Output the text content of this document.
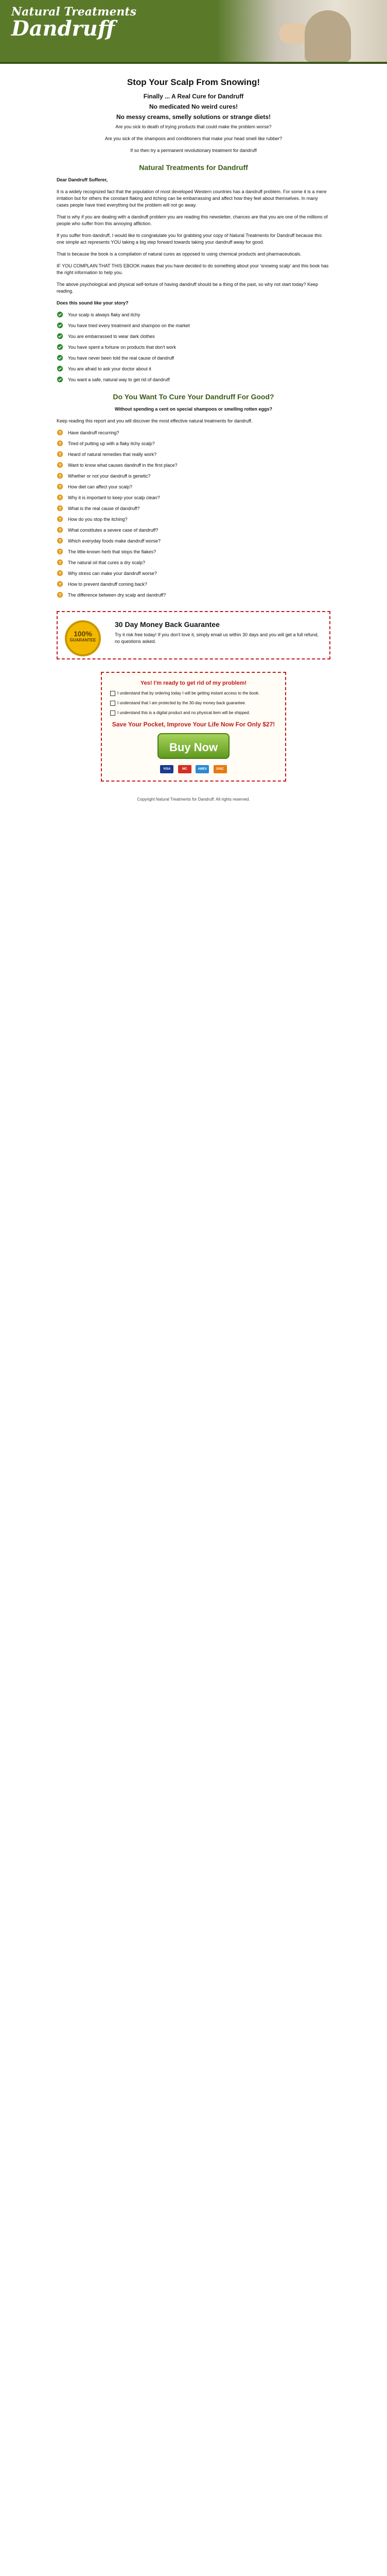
Natural Treatments
Dandruff
Stop Your Scalp From Snowing!
Finally ... A Real Cure for Dandruff
No medicated No weird cures!
No messy creams, smelly solutions or strange diets!

Are you sick to death of trying products that could make the problem worse?

Are you sick of the shampoos and conditioners that make your head smell like rubber?

If so then try a permanent revolutionary treatment for dandruff

Natural Treatments for Dandruff

Dear Dandruff Sufferer,

It is a widely recognized fact that the population of most developed Western countries has a dandruff problem. For some it is a mere irritation but for others the constant flaking and itching can be embarrassing and affect how they feel about themselves. In many cases people have tried everything but the problem will not go away.

That is why if you are dealing with a dandruff problem you are reading this newsletter, chances are that you are one of the millions of people who suffer from this annoying affliction.

If you suffer from dandruff, I would like to congratulate you for grabbing your copy of Natural Treatments for Dandruff because this one simple act represents YOU taking a big step forward towards taking your dandruff away for good.

That is because the book is a compilation of natural cures as opposed to using chemical products and pharmaceuticals.

IF YOU COMPLAIN THAT THIS EBOOK makes that you have decided to do something about your 'snowing scalp' and this book has the right information to help you.

The above psychological and physical self-torture of having dandruff should be a thing of the past, so why not start today? Keep reading.

Does this sound like your story?

Your scalp is always flaky and itchy
You have tried every treatment and shampoo on the market
You are embarrassed to wear dark clothes
You have spent a fortune on products that don't work
You have never been told the real cause of dandruff
You are afraid to ask your doctor about it
You want a safe, natural way to get rid of dandruff
Do You Want To Cure Your Dandruff For Good?

Without spending a cent on special shampoos or smelling rotten eggs?

Keep reading this report and you will discover the most effective natural treatments for dandruff.

? Have dandruff recurring?
? Tired of putting up with a flaky itchy scalp?
? Heard of natural remedies that really work?
? Want to know what causes dandruff in the first place?
? Whether or not your dandruff is genetic?
? How diet can affect your scalp?
? Why it is important to keep your scalp clean?
? What is the real cause of dandruff?
? How do you stop the itching?
? What constitutes a severe case of dandruff?
? Which everyday foods make dandruff worse?
? The little-known herb that stops the flakes?
? The natural oil that cures a dry scalp?
? Why stress can make your dandruff worse?
? How to prevent dandruff coming back?
? The difference between dry scalp and dandruff?
100%
GUARANTEE
30 Day Money Back Guarantee

Try it risk free today! If you don't love it, simply email us within 30 days and you will get a full refund, no questions asked.

Yes! I'm ready to get rid of my problem!
I understand that by ordering today I will be getting instant access to the book.
I understand that I am protected by the 30-day money back guarantee.
I understand this is a digital product and no physical item will be shipped.
Save Your Pocket, Improve Your Life Now For Only $27!
Buy Now
VISA	MC	AMEX	DISC
Copyright Natural Treatments for Dandruff. All rights reserved.
